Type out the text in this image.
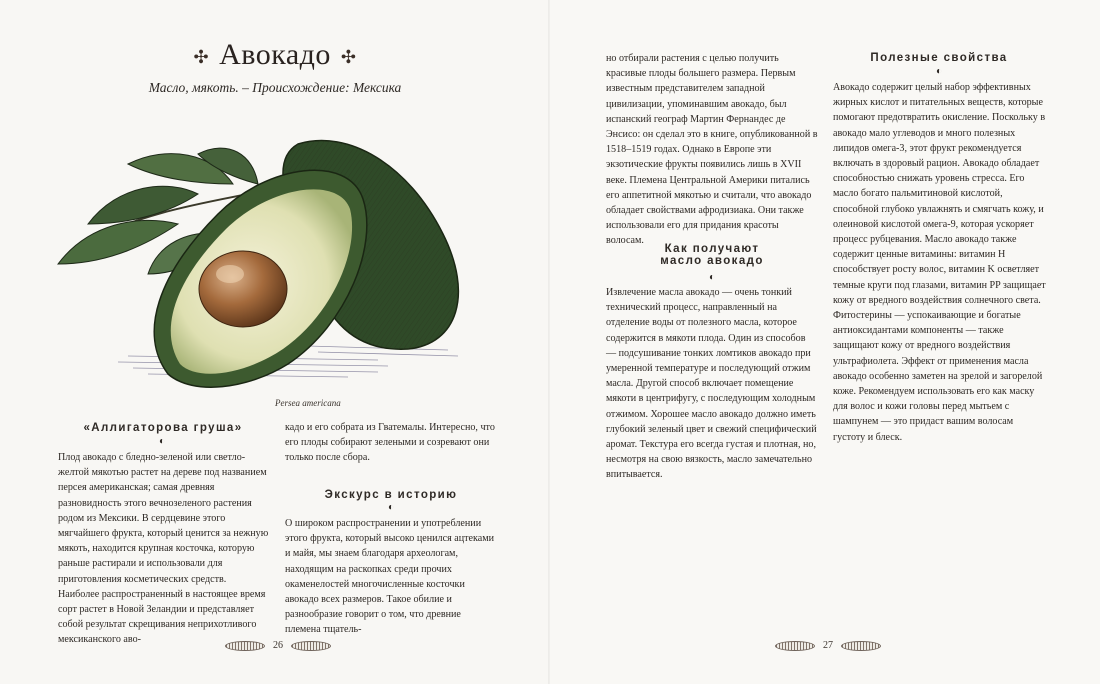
✣ Авокадо ✣
Масло, мякоть. – Происхождение: Мексика
Persea americana
«Аллигаторова груша»
◐
Плод авокадо с бледно-зеленой или светло-желтой мякотью растет на дереве под названием персея американская; самая древняя разновидность этого вечнозеленого растения родом из Мексики. В сердцевине этого мягчайшего фрукта, который ценится за нежную мякоть, находится крупная косточка, которую раньше растирали и использовали для приготовления косметических средств. Наиболее распространенный в настоящее время сорт растет в Новой Зеландии и представляет собой результат скрещивания неприхотливого мексиканского аво-
кадо и его собрата из Гватемалы. Интересно, что его плоды собирают зелеными и созревают они только после сбора.
Экскурс в историю
◐
О широком распространении и употреблении этого фрукта, который высоко ценился ацтеками и майя, мы знаем благодаря археологам, находящим на раскопках среди прочих окаменелостей многочисленные косточки авокадо всех размеров. Такое обилие и разнообразие говорит о том, что древние племена тщатель-
26
но отбирали растения с целью получить красивые плоды большего размера. Первым известным представителем западной цивилизации, упоминавшим авокадо, был испанский географ Мартин Фернандес де Энсисо: он сделал это в книге, опубликованной в 1518–1519 годах. Однако в Европе эти экзотические фрукты появились лишь в XVII веке. Племена Центральной Америки питались его аппетитной мякотью и считали, что авокадо обладает свойствами афродизиака. Они также использовали его для придания красоты волосам.
Как получают
масло авокадо
◐
Извлечение масла авокадо — очень тонкий технический процесс, направленный на отделение воды от полезного масла, которое содержится в мякоти плода. Один из способов — подсушивание тонких ломтиков авокадо при умеренной температуре и последующий отжим масла. Другой способ включает помещение мякоти в центрифугу, с последующим холодным отжимом. Хорошее масло авокадо должно иметь глубокий зеленый цвет и свежий специфический аромат. Текстура его всегда густая и плотная, но, несмотря на свою вязкость, масло замечательно впитывается.
Полезные свойства
◐
Авокадо содержит целый набор эффективных жирных кислот и питательных веществ, которые помогают предотвратить окисление. Поскольку в авокадо мало углеводов и много полезных липидов омега-3, этот фрукт рекомендуется включать в здоровый рацион. Авокадо обладает способностью снижать уровень стресса. Его масло богато пальмитиновой кислотой, способной глубоко увлажнять и смягчать кожу, и олеиновой кислотой омега-9, которая ускоряет процесс рубцевания. Масло авокадо также содержит ценные витамины: витамин H способствует росту волос, витамин K осветляет темные круги под глазами, витамин PP защищает кожу от вредного воздействия солнечного света. Фитостерины — успокаивающие и богатые антиоксидантами компоненты — также защищают кожу от вредного воздействия ультрафиолета. Эффект от применения масла авокадо особенно заметен на зрелой и загорелой коже. Рекомендуем использовать его как маску для волос и кожи головы перед мытьем с шампунем — это придаст вашим волосам густоту и блеск.
27
